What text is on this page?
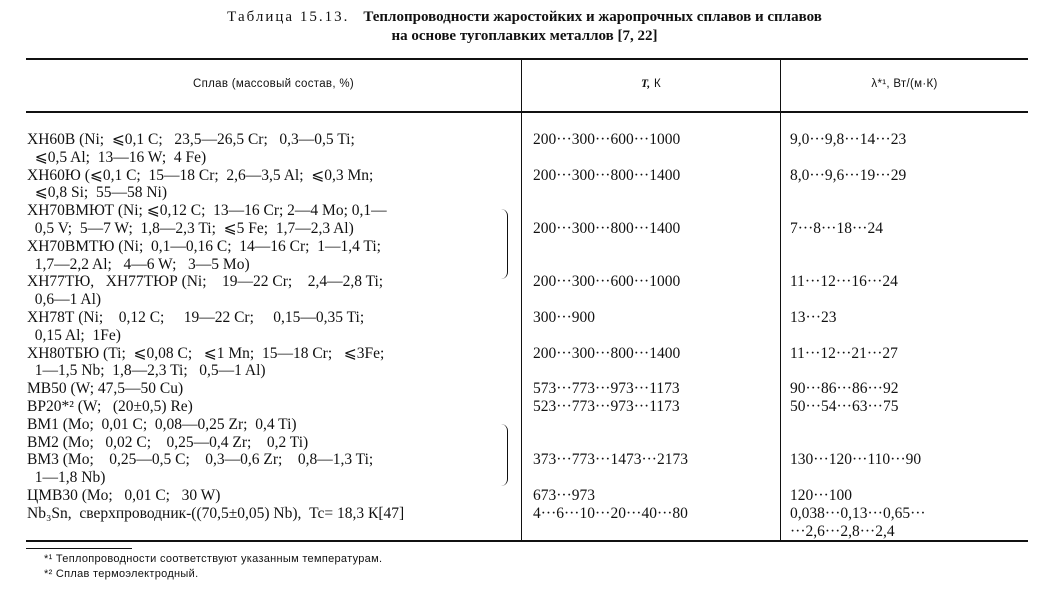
Таблица 15.13. Теплопроводности жаростойких и жаропрочных сплавов и сплавов
на основе тугоплавких металлов [7, 22]
Сплав (массовый состав, %)	T, К	λ*¹, Вт/(м·К)
ХН60В (Ni;  ⩽0,1 C;   23,5—26,5 Cr;   0,3—0,5 Ti;	200···300···600···1000	9,0···9,8···14···23
⩽0,5 Al;  13—16 W;  4 Fe)
ХН60Ю (⩽0,1 C;  15—18 Cr;  2,6—3,5 Al;  ⩽0,3 Mn;	200···300···800···1400	8,0···9,6···19···29
⩽0,8 Si;  55—58 Ni)
ХН70ВМЮТ (Ni; ⩽0,12 C;  13—16 Cr; 2—4 Mo; 0,1—
0,5 V;  5—7 W;  1,8—2,3 Ti;  ⩽5 Fe;  1,7—2,3 Al)	200···300···800···1400	7···8···18···24
ХН70ВМТЮ (Ni;  0,1—0,16 C;  14—16 Cr;  1—1,4 Ti;
1,7—2,2 Al;   4—6 W;   3—5 Mo)
ХН77ТЮ,   ХН77ТЮР (Ni;    19—22 Cr;    2,4—2,8 Ti;	200···300···600···1000	11···12···16···24
0,6—1 Al)
ХН78Т (Ni;    0,12 C;     19—22 Cr;     0,15—0,35 Ti;	300···900	13···23
0,15 Al;  1Fe)
ХН80ТБЮ (Ti;  ⩽0,08 C;   ⩽1 Mn;  15—18 Cr;   ⩽3Fe;	200···300···800···1400	11···12···21···27
1—1,5 Nb;  1,8—2,3 Ti;   0,5—1 Al)
МВ50 (W; 47,5—50 Cu)	573···773···973···1173	90···86···86···92
ВР20*² (W;   (20±0,5) Re)	523···773···973···1173	50···54···63···75
ВМ1 (Mo;  0,01 C;  0,08—0,25 Zr;  0,4 Ti)
ВМ2 (Mo;   0,02 C;    0,25—0,4 Zr;    0,2 Ti)
ВМ3 (Mo;    0,25—0,5 C;    0,3—0,6 Zr;    0,8—1,3 Ti;	373···773···1473···2173	130···120···110···90
1—1,8 Nb)
ЦМВ30 (Mo;   0,01 C;   30 W)	673···973	120···100
Nb₃Sn,  сверхпроводник-((70,5±0,05) Nb),  Tc= 18,3 К[47]	4···6···10···20···40···80	0,038···0,13···0,65···
···2,6···2,8···2,4
*¹ Теплопроводности соответствуют указанным температурам.
*² Сплав термоэлектродный.
